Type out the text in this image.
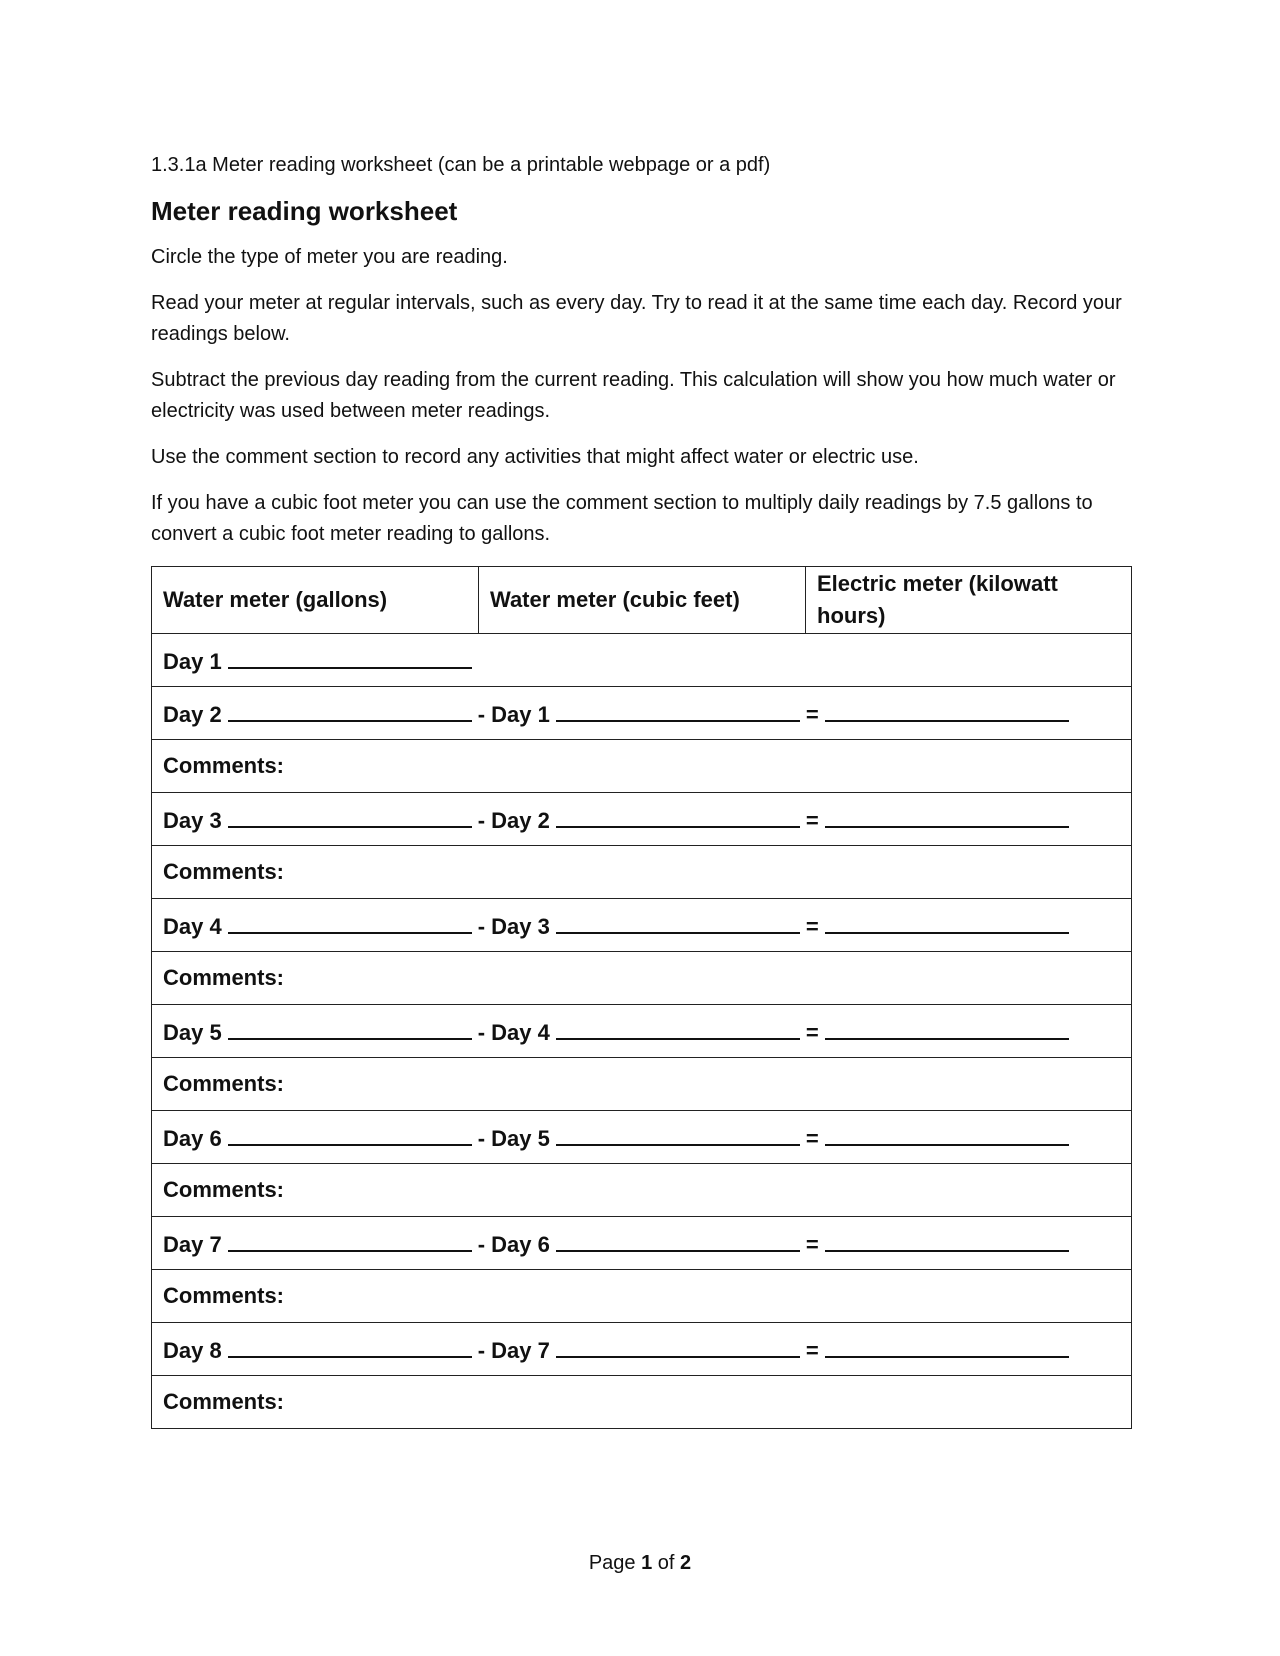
1.3.1a Meter reading worksheet (can be a printable webpage or a pdf)
Meter reading worksheet
Circle the type of meter you are reading.
Read your meter at regular intervals, such as every day. Try to read it at the same time each day. Record your readings below.
Subtract the previous day reading from the current reading. This calculation will show you how much water or electricity was used between meter readings.
Use the comment section to record any activities that might affect water or electric use.
If you have a cubic foot meter you can use the comment section to multiply daily readings by 7.5 gallons to convert a cubic foot meter reading to gallons.
Water meter (gallons)	Water meter (cubic feet)	Electric meter (kilowatt hours)
Day 1
Day 2	- Day 1	=
Comments:
Day 3	- Day 2	=
Comments:
Day 4	- Day 3	=
Comments:
Day 5	- Day 4	=
Comments:
Day 6	- Day 5	=
Comments:
Day 7	- Day 6	=
Comments:
Day 8	- Day 7	=
Comments:
Page 1 of 2
